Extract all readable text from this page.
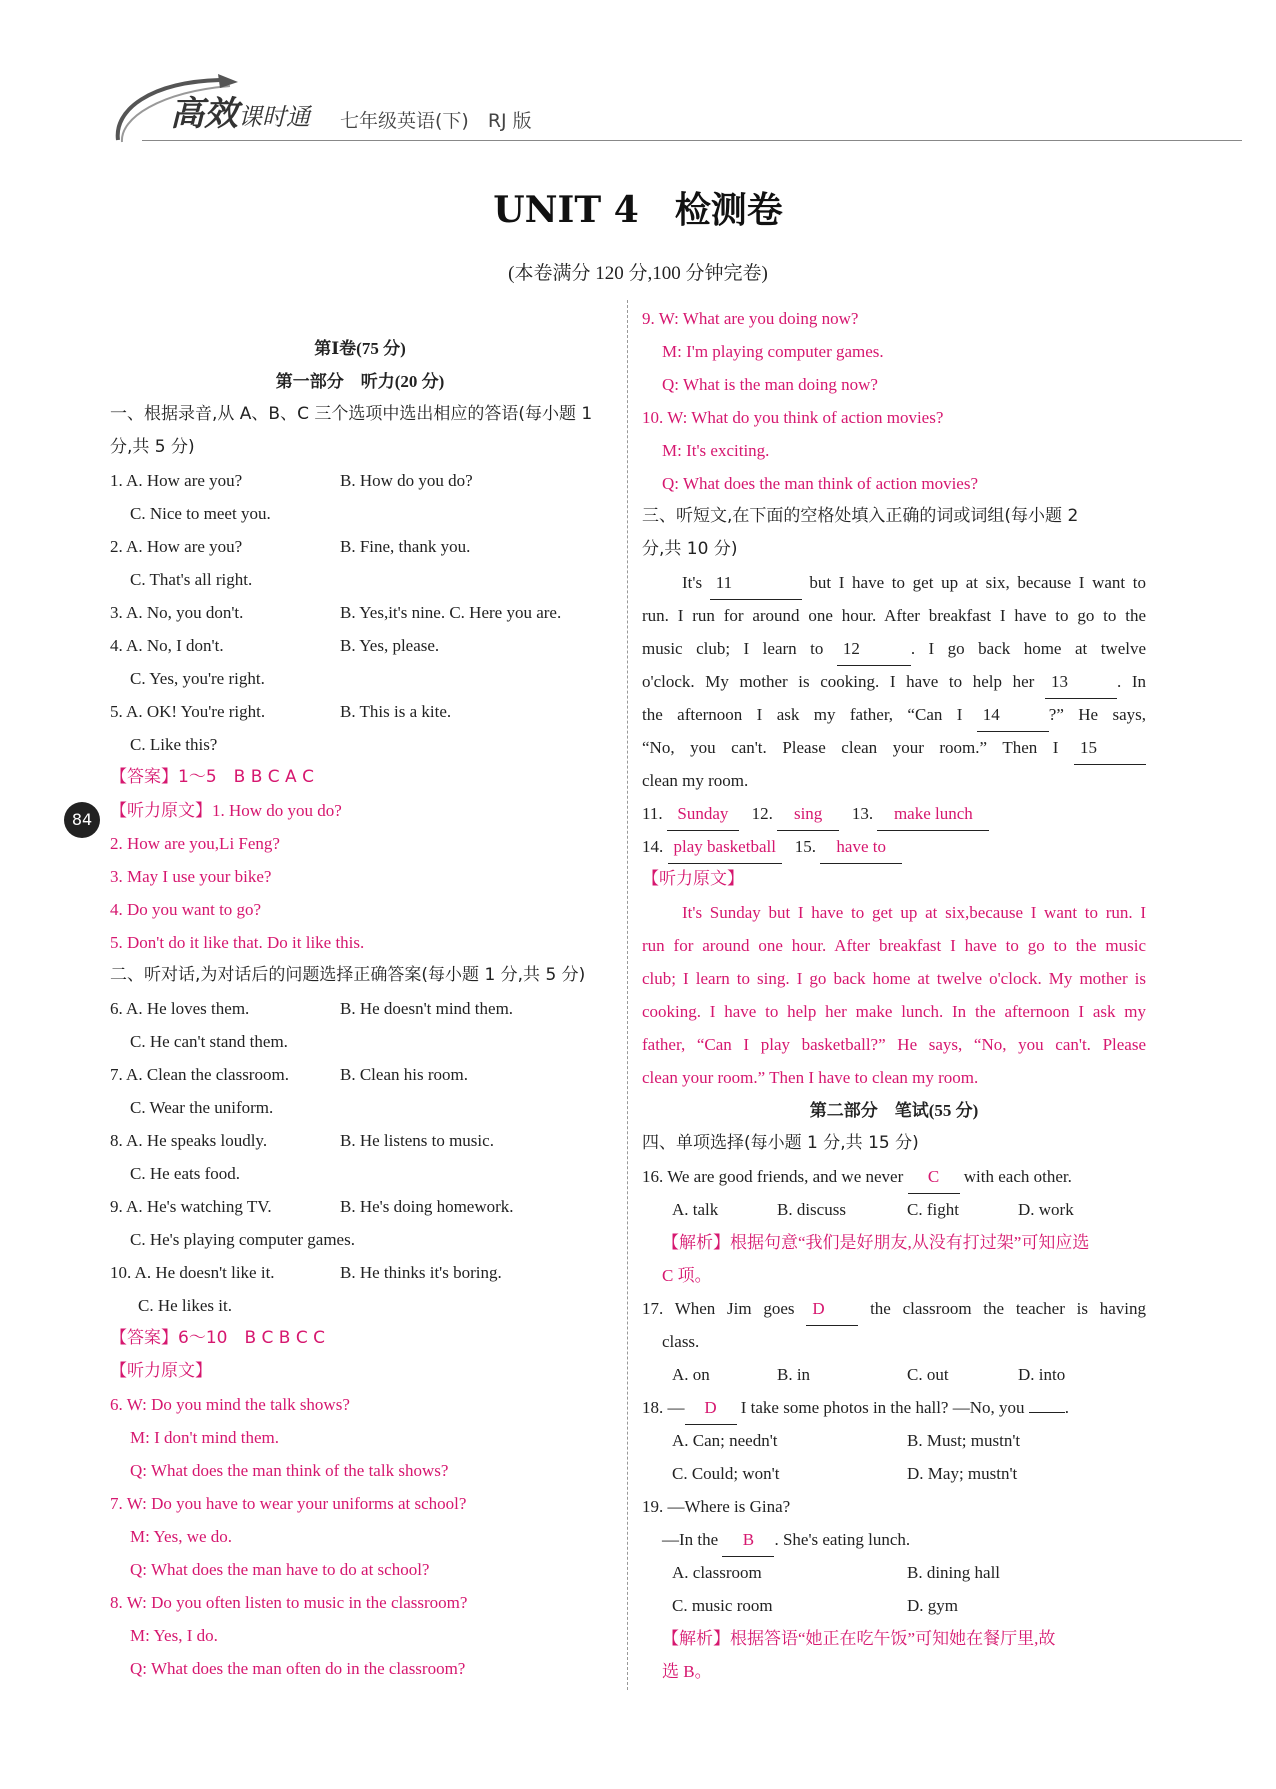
高效课时通 七年级英语(下)　RJ 版
84
UNIT 4　检测卷
(本卷满分 120 分,100 分钟完卷)
第Ⅰ卷(75 分)
第一部分　听力(20 分)
一、根据录音,从 A、B、C 三个选项中选出相应的答语(每小题 1
分,共 5 分)
1. A. How are you?	B. How do you do?
C. Nice to meet you.
2. A. How are you?	B. Fine, thank you.
C. That's all right.
3. A. No, you don't.	B. Yes,it's nine. C. Here you are.
4. A. No, I don't.	B. Yes, please.
C. Yes, you're right.
5. A. OK! You're right.	B. This is a kite.
C. Like this?
【答案】1～5　B B C A C
【听力原文】1. How do you do?
2. How are you,Li Feng?
3. May I use your bike?
4. Do you want to go?
5. Don't do it like that. Do it like this.
二、听对话,为对话后的问题选择正确答案(每小题 1 分,共 5 分)
6. A. He loves them.	B. He doesn't mind them.
C. He can't stand them.
7. A. Clean the classroom.	B. Clean his room.
C. Wear the uniform.
8. A. He speaks loudly.	B. He listens to music.
C. He eats food.
9. A. He's watching TV.	B. He's doing homework.
C. He's playing computer games.
10. A. He doesn't like it.	B. He thinks it's boring.
C. He likes it.
【答案】6～10　B C B C C
【听力原文】
6. W: Do you mind the talk shows?
M: I don't mind them.
Q: What does the man think of the talk shows?
7. W: Do you have to wear your uniforms at school?
M: Yes, we do.
Q: What does the man have to do at school?
8. W: Do you often listen to music in the classroom?
M: Yes, I do.
Q: What does the man often do in the classroom?
9. W: What are you doing now?
M: I'm playing computer games.
Q: What is the man doing now?
10. W: What do you think of action movies?
M: It's exciting.
Q: What does the man think of action movies?
三、听短文,在下面的空格处填入正确的词或词组(每小题 2
分,共 10 分)
It's 11	but I have to get up at six, because I want to
run. I run for around one hour. After breakfast I have to go to the
music club; I learn to 12	. I go back home at twelve
o'clock. My mother is cooking. I have to help her 13	. In
the afternoon I ask my father, “Can I 14	?” He says,
“No, you can't. Please clean your room.” Then I 15
clean my room.
11. Sunday 12. sing 13. make lunch
14. play basketball 15. have to
【听力原文】
It's Sunday but I have to get up at six,because I want to run. I
run for around one hour. After breakfast I have to go to the music
club; I learn to sing. I go back home at twelve o'clock. My mother is
cooking. I have to help her make lunch. In the afternoon I ask my
father, “Can I play basketball?” He says, “No, you can't. Please
clean your room.” Then I have to clean my room.
第二部分　笔试(55 分)
四、单项选择(每小题 1 分,共 15 分)
16. We are good friends, and we never C with each other.
A. talk	B. discuss	C. fight	D. work
【解析】根据句意“我们是好朋友,从没有打过架”可知应选
C 项。
17. When Jim goes D	the classroom the teacher is having
class.
A. on	B. in	C. out	D. into
18. — D I take some photos in the hall? —No, you .
A. Can; needn't	B. Must; mustn't
C. Could; won't	D. May; mustn't
19. —Where is Gina?
—In the B . She's eating lunch.
A. classroom	B. dining hall
C. music room	D. gym
【解析】根据答语“她正在吃午饭”可知她在餐厅里,故
选 B。
